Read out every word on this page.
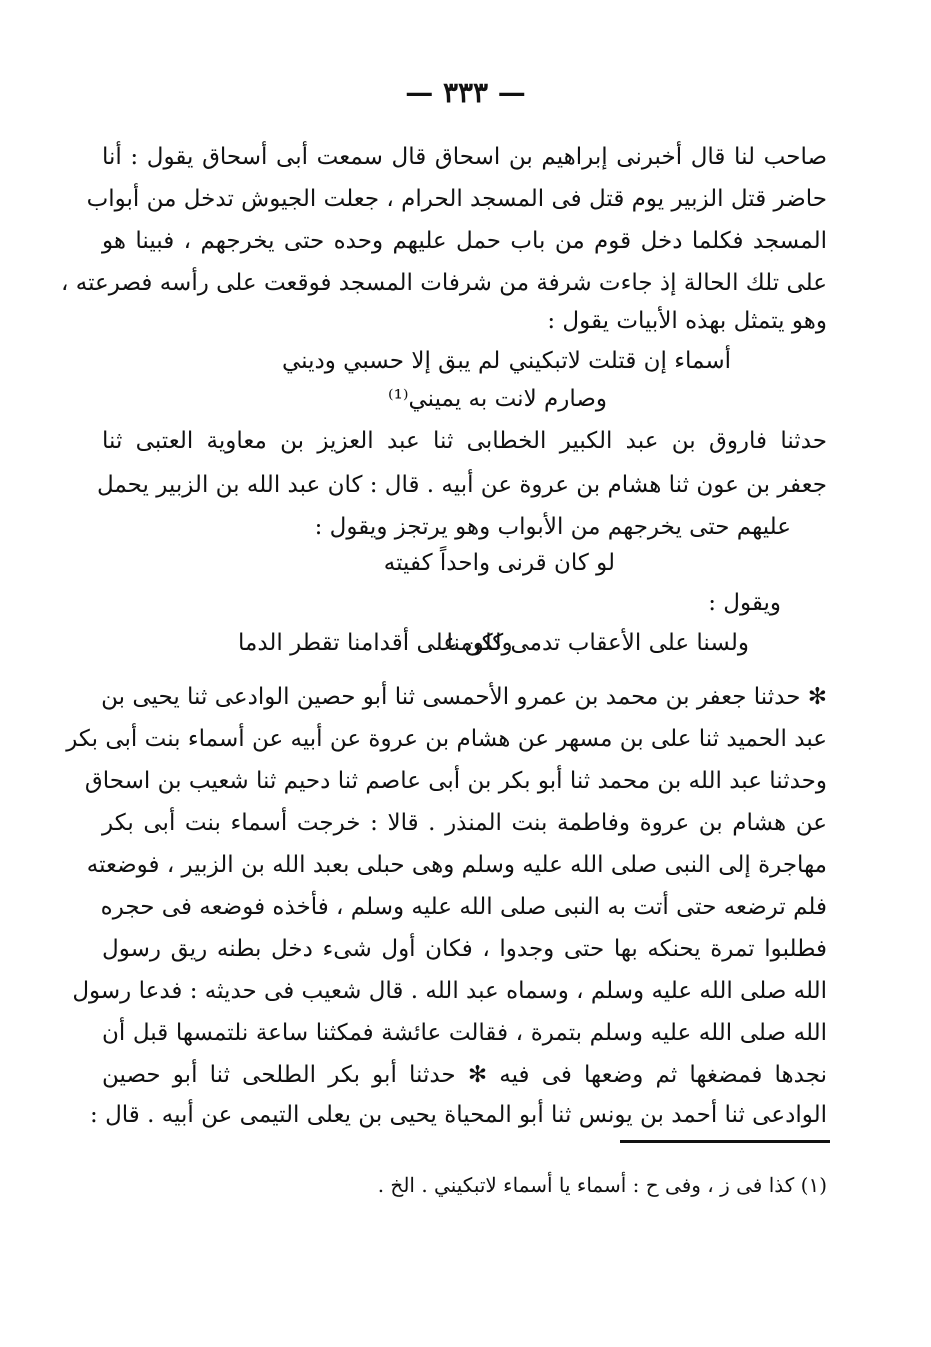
— ٣٣٣ —
صاحب لنا قال أخبرنى إبراهيم بن اسحاق قال سمعت أبى أسحاق يقول : أنا
حاضر قتل الزبير يوم قتل فى المسجد الحرام ، جعلت الجيوش تدخل من أبواب
المسجد فكلما دخل قوم من باب حمل عليهم وحده حتى يخرجهم ، فبينا هو
على تلك الحالة إذ جاءت شرفة من شرفات المسجد فوقعت على رأسه فصرعته ،
وهو يتمثل بهذه الأبيات يقول :
أسماء إن قتلت لاتبكيني
لم يبق إلا حسبي وديني
وصارم لانت به يميني⁽¹⁾
حدثنا فاروق بن عبد الكبير الخطابى ثنا عبد العزيز بن معاوية العتبى ثنا
جعفر بن عون ثنا هشام بن عروة عن أبيه . قال : كان عبد الله بن الزبير يحمل
عليهم حتى يخرجهم من الأبواب وهو يرتجز ويقول :
لو كان قرنى واحداً كفيته
ويقول :
ولسنا على الأعقاب تدمى كلومنا
ولكن على أقدامنا تقطر الدما
✻ حدثنا جعفر بن محمد بن عمرو الأحمسى ثنا أبو حصين الوادعى ثنا يحيى بن
عبد الحميد ثنا على بن مسهر عن هشام بن عروة عن أبيه عن أسماء بنت أبى بكر
وحدثنا عبد الله بن محمد ثنا أبو بكر بن أبى عاصم ثنا دحيم ثنا شعيب بن اسحاق
عن هشام بن عروة وفاطمة بنت المنذر . قالا : خرجت أسماء بنت أبى بكر
مهاجرة إلى النبى صلى الله عليه وسلم وهى حبلى بعبد الله بن الزبير ، فوضعته
فلم ترضعه حتى أتت به النبى صلى الله عليه وسلم ، فأخذه فوضعه فى حجره
فطلبوا تمرة يحنكه بها حتى وجدوا ، فكان أول شىء دخل بطنه ريق رسول
الله صلى الله عليه وسلم ، وسماه عبد الله . قال شعيب فى حديثه : فدعا رسول
الله صلى الله عليه وسلم بتمرة ، فقالت عائشة فمكثنا ساعة نلتمسها قبل أن
نجدها فمضغها ثم وضعها فى فيه ✻ حدثنا أبو بكر الطلحى ثنا أبو حصين
الوادعى ثنا أحمد بن يونس ثنا أبو المحياة يحيى بن يعلى التيمى عن أبيه . قال :
(١) كذا فى ز ، وفى ح : أسماء يا أسماء لاتبكيني . الخ .
